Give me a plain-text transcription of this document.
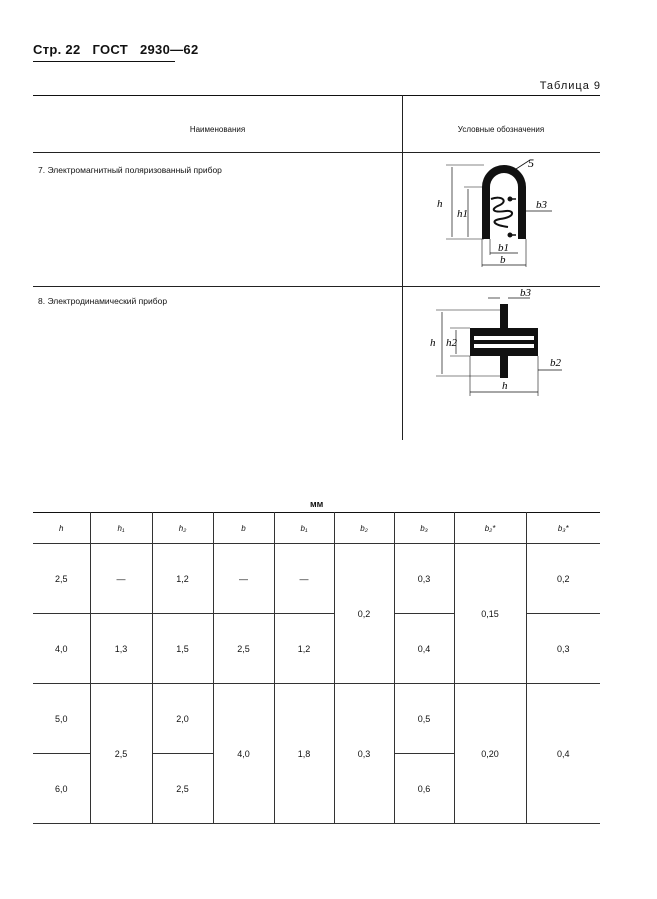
Стр. 22 ГОСТ 2930—62
Таблица 9
Наименования	Условные обозначения
7. Электромагнитный поляризованный прибор
8. Электродинамический прибор
5
h
h1
b3
b1
b
b3
h h2
b2
h
мм
h	h₁	h₂	b	b₁	b₂	b₃	b₂*	b₃*
2,5	—	1,2	—	—	0,2	0,3	0,15	0,2
4,0	1,3	1,5	2,5	1,2		0,4		0,3
5,0	2,5	2,0	4,0	1,8	0,3	0,5	0,20	0,4
6,0		2,5				0,6		
